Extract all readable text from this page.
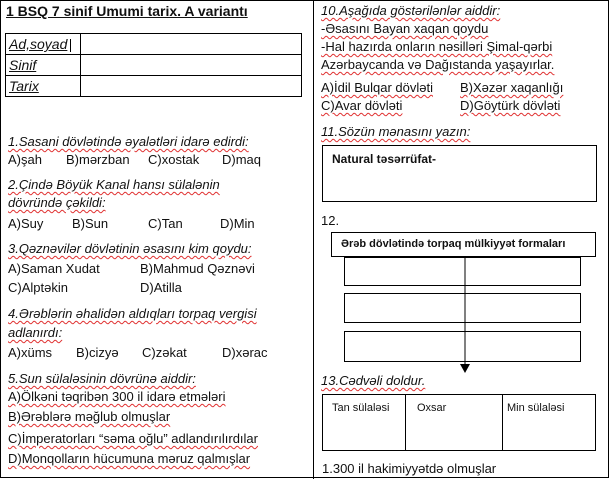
1 BSQ 7 sinif Umumi tarix. A variantı
Ad,soyad	
Sinif	
Tarix	
1.Sasani dövlətində əyalətləri idarə edirdi:
A)şah B)mərzban C)xostak D)maq
2.Çində Böyük Kanal hansı sülalənin
dövründə çəkildi:
A)Suy B)Sun	C)Tan	D)Min
3.Qəznəvilər dövlətinin əsasını kim qoydu:
A)Saman Xudat	B)Mahmud Qəznəvi
C)Alptəkin	D)Atilla
4.Ərəblərin əhalidən aldıqları torpaq vergisi
adlanırdı:
A)xüms B)cizyə C)zəkat	D)xərac
5.Sun sülaləsinin dövrünə aiddir:
A)Ölkəni təqribən 300 il idarə etmələri
B)Ərəblərə məğlub olmuşlar
C)İmperatorları “səma oğlu” adlandırılırdılar
D)Monqolların hücumuna məruz qalmışlar
10.Aşağıda göstərilənlər aiddir:
-Əsasını Bayan xaqan qoydu
-Hal hazırda onların nəsilləri Şimal-qərbi
Azərbaycanda və Dağıstanda yaşayırlar.
A)İdil Bulqar dövləti B)Xəzər xaqanlığı
C)Avar dövləti	D)Göytürk dövləti
11.Sözün mənasını yazın:
Natural təsərrüfat-
12.
Ərəb dövlətində torpaq mülkiyyət formaları
13.Cədvəli doldur.
Tan sülaləsi	Oxsar	Min sülaləsi
1.300 il hakimiyyətdə olmuşlar
